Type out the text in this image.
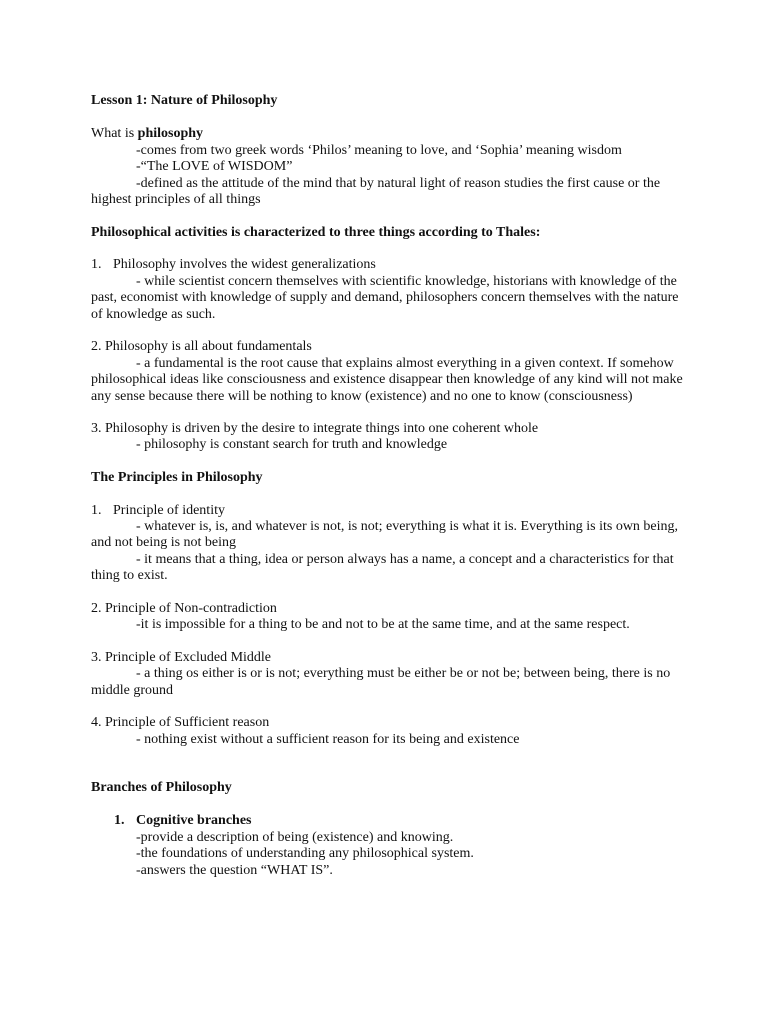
Lesson 1: Nature of Philosophy
What is philosophy
-comes from two greek words ‘Philos’ meaning to love, and ‘Sophia’ meaning wisdom
-“The LOVE of WISDOM”
-defined as the attitude of the mind that by natural light of reason studies the first cause or the
highest principles of all things
Philosophical activities is characterized to three things according to Thales:
1. Philosophy involves the widest generalizations
- while scientist concern themselves with scientific knowledge, historians with knowledge of the
past, economist with knowledge of supply and demand, philosophers concern themselves with the nature
of knowledge as such.
2. Philosophy is all about fundamentals
- a fundamental is the root cause that explains almost everything in a given context. If somehow
philosophical ideas like consciousness and existence disappear then knowledge of any kind will not make
any sense because there will be nothing to know (existence) and no one to know (consciousness)
3. Philosophy is driven by the desire to integrate things into one coherent whole
- philosophy is constant search for truth and knowledge
The Principles in Philosophy
1. Principle of identity
- whatever is, is, and whatever is not, is not; everything is what it is. Everything is its own being,
and not being is not being
- it means that a thing, idea or person always has a name, a concept and a characteristics for that
thing to exist.
2. Principle of Non-contradiction
-it is impossible for a thing to be and not to be at the same time, and at the same respect.
3. Principle of Excluded Middle
- a thing os either is or is not; everything must be either be or not be; between being, there is no
middle ground
4. Principle of Sufficient reason
- nothing exist without a sufficient reason for its being and existence
Branches of Philosophy
1. Cognitive branches
-provide a description of being (existence) and knowing.
-the foundations of understanding any philosophical system.
-answers the question “WHAT IS”.
